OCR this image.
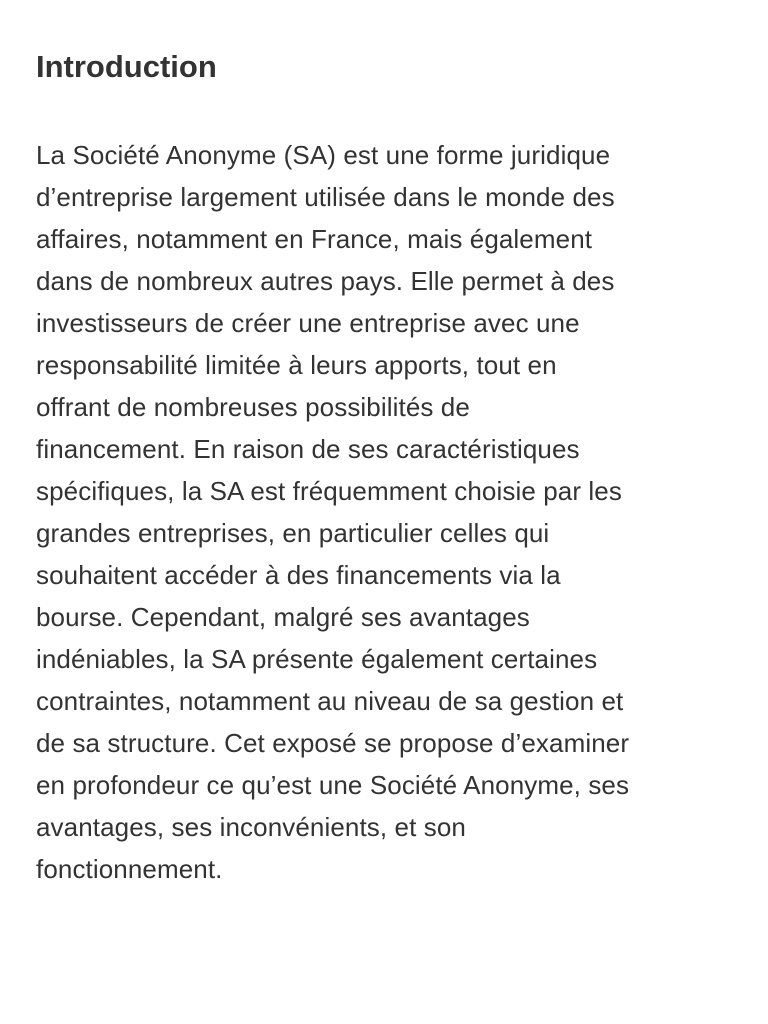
Introduction

La Société Anonyme (SA) est une forme juridique
d’entreprise largement utilisée dans le monde des
affaires, notamment en France, mais également
dans de nombreux autres pays. Elle permet à des
investisseurs de créer une entreprise avec une
responsabilité limitée à leurs apports, tout en
offrant de nombreuses possibilités de
financement. En raison de ses caractéristiques
spécifiques, la SA est fréquemment choisie par les
grandes entreprises, en particulier celles qui
souhaitent accéder à des financements via la
bourse. Cependant, malgré ses avantages
indéniables, la SA présente également certaines
contraintes, notamment au niveau de sa gestion et
de sa structure. Cet exposé se propose d’examiner
en profondeur ce qu’est une Société Anonyme, ses
avantages, ses inconvénients, et son
fonctionnement.
